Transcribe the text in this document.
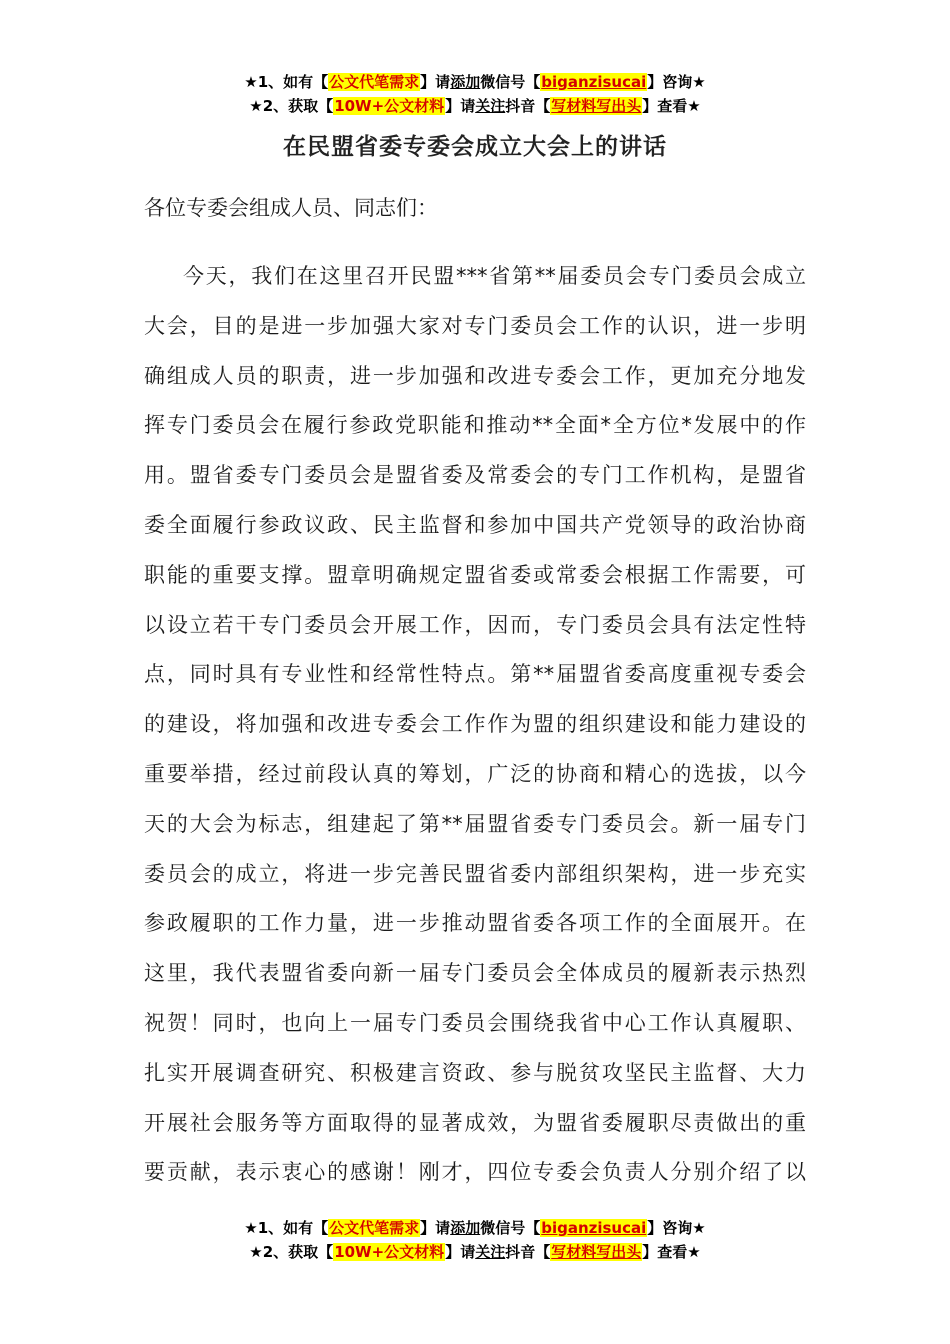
★1、如有【公文代笔需求】请添加微信号【biganzisucai】咨询★
★2、获取【10W+公文材料】请关注抖音【写材料写出头】查看★
在民盟省委专委会成立大会上的讲话
各位专委会组成人员、同志们：
今天，我们在这里召开民盟***省第**届委员会专门委员会成立
大会，目的是进一步加强大家对专门委员会工作的认识，进一步明
确组成人员的职责，进一步加强和改进专委会工作，更加充分地发
挥专门委员会在履行参政党职能和推动**全面*全方位*发展中的作
用。盟省委专门委员会是盟省委及常委会的专门工作机构，是盟省
委全面履行参政议政、民主监督和参加中国共产党领导的政治协商
职能的重要支撑。盟章明确规定盟省委或常委会根据工作需要，可
以设立若干专门委员会开展工作，因而，专门委员会具有法定性特
点，同时具有专业性和经常性特点。第**届盟省委高度重视专委会
的建设，将加强和改进专委会工作作为盟的组织建设和能力建设的
重要举措，经过前段认真的筹划，广泛的协商和精心的选拔，以今
天的大会为标志，组建起了第**届盟省委专门委员会。新一届专门
委员会的成立，将进一步完善民盟省委内部组织架构，进一步充实
参政履职的工作力量，进一步推动盟省委各项工作的全面展开。在
这里，我代表盟省委向新一届专门委员会全体成员的履新表示热烈
祝贺！同时，也向上一届专门委员会围绕我省中心工作认真履职、
扎实开展调查研究、积极建言资政、参与脱贫攻坚民主监督、大力
开展社会服务等方面取得的显著成效，为盟省委履职尽责做出的重
要贡献，表示衷心的感谢！刚才，四位专委会负责人分别介绍了以
★1、如有【公文代笔需求】请添加微信号【biganzisucai】咨询★
★2、获取【10W+公文材料】请关注抖音【写材料写出头】查看★
